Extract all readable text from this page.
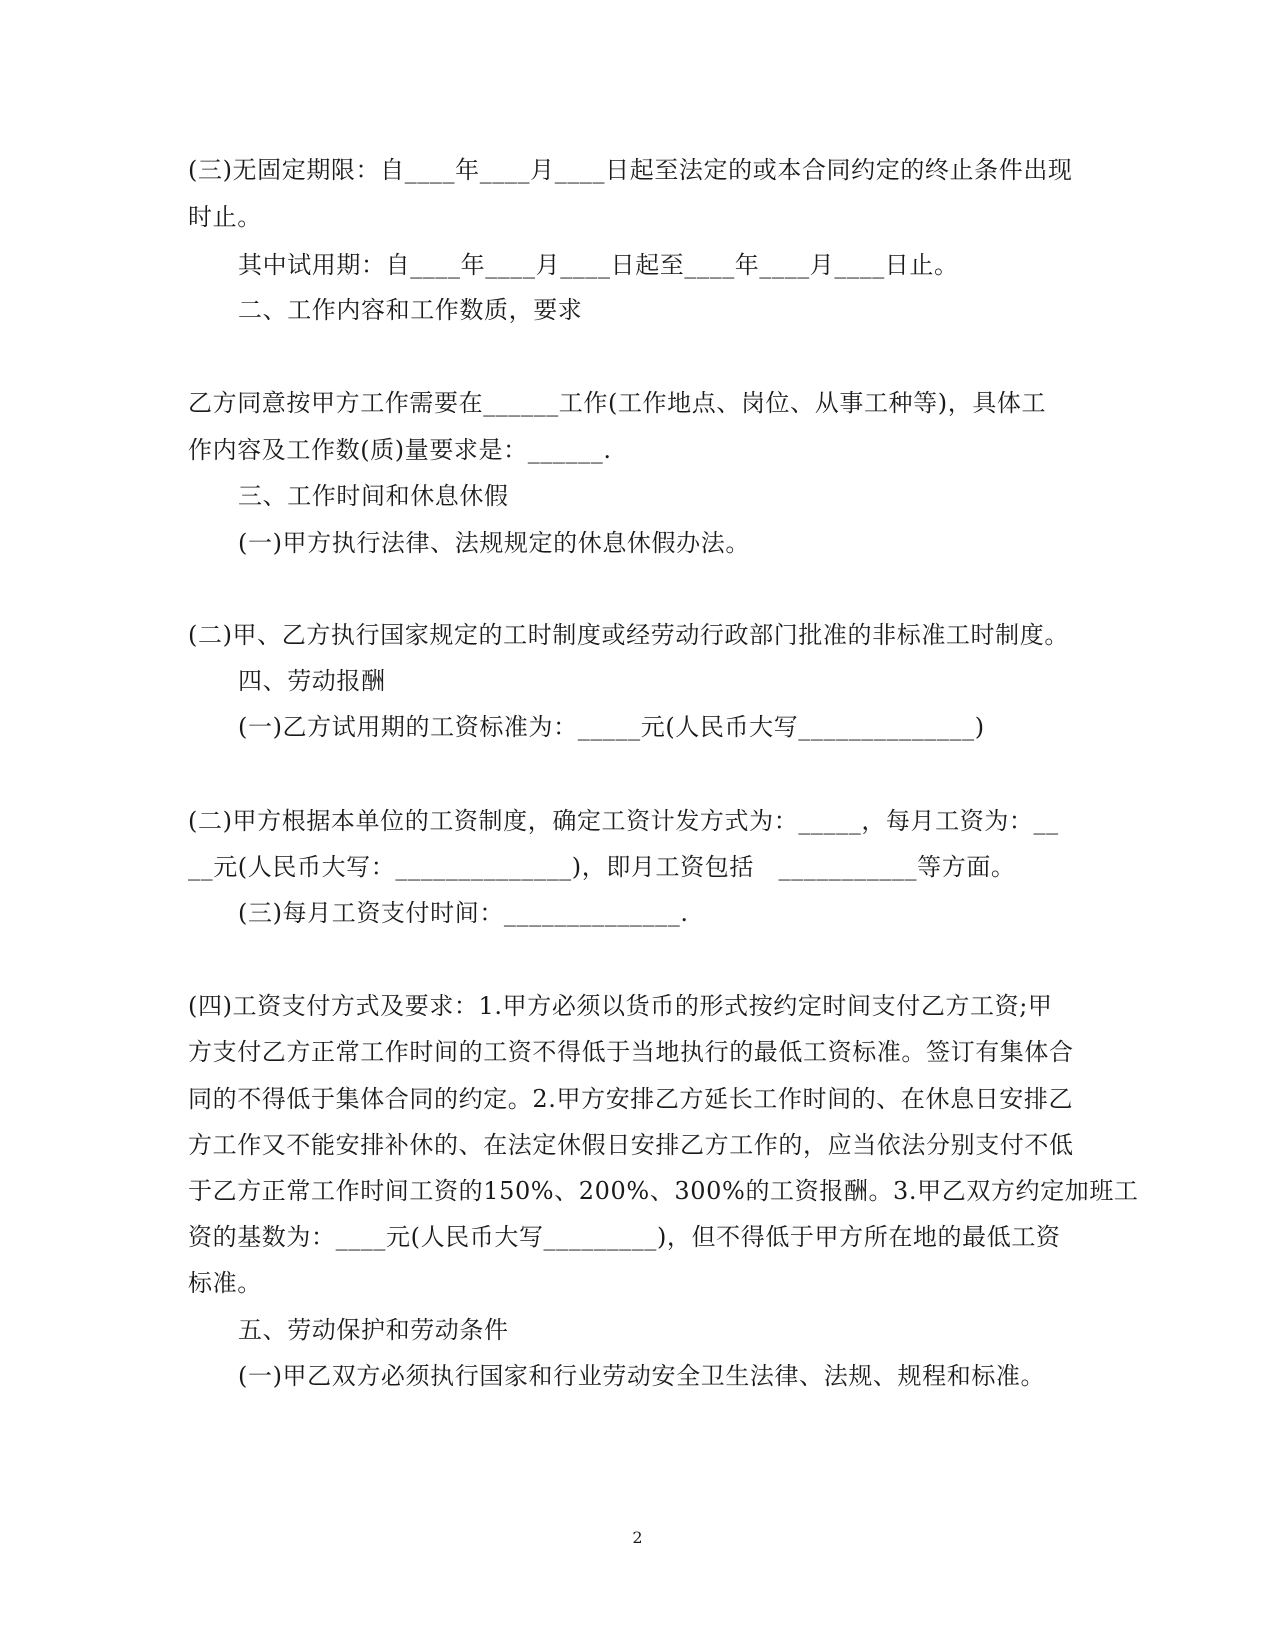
(三)无固定期限：自____年____月____日起至法定的或本合同约定的终止条件出现
时止。
其中试用期：自____年____月____日起至____年____月____日止。
二、工作内容和工作数质，要求
乙方同意按甲方工作需要在______工作(工作地点、岗位、从事工种等)，具体工
作内容及工作数(质)量要求是：______.
三、工作时间和休息休假
(一)甲方执行法律、法规规定的休息休假办法。
(二)甲、乙方执行国家规定的工时制度或经劳动行政部门批准的非标准工时制度。
四、劳动报酬
(一)乙方试用期的工资标准为：_____元(人民币大写______________)
(二)甲方根据本单位的工资制度，确定工资计发方式为：_____，每月工资为：__
__元(人民币大写：______________)，即月工资包括　___________等方面。
(三)每月工资支付时间：______________.
(四)工资支付方式及要求：1.甲方必须以货币的形式按约定时间支付乙方工资;甲
方支付乙方正常工作时间的工资不得低于当地执行的最低工资标准。签订有集体合
同的不得低于集体合同的约定。2.甲方安排乙方延长工作时间的、在休息日安排乙
方工作又不能安排补休的、在法定休假日安排乙方工作的，应当依法分别支付不低
于乙方正常工作时间工资的150%、200%、300%的工资报酬。3.甲乙双方约定加班工
资的基数为：____元(人民币大写_________)，但不得低于甲方所在地的最低工资
标准。
五、劳动保护和劳动条件
(一)甲乙双方必须执行国家和行业劳动安全卫生法律、法规、规程和标准。
2
